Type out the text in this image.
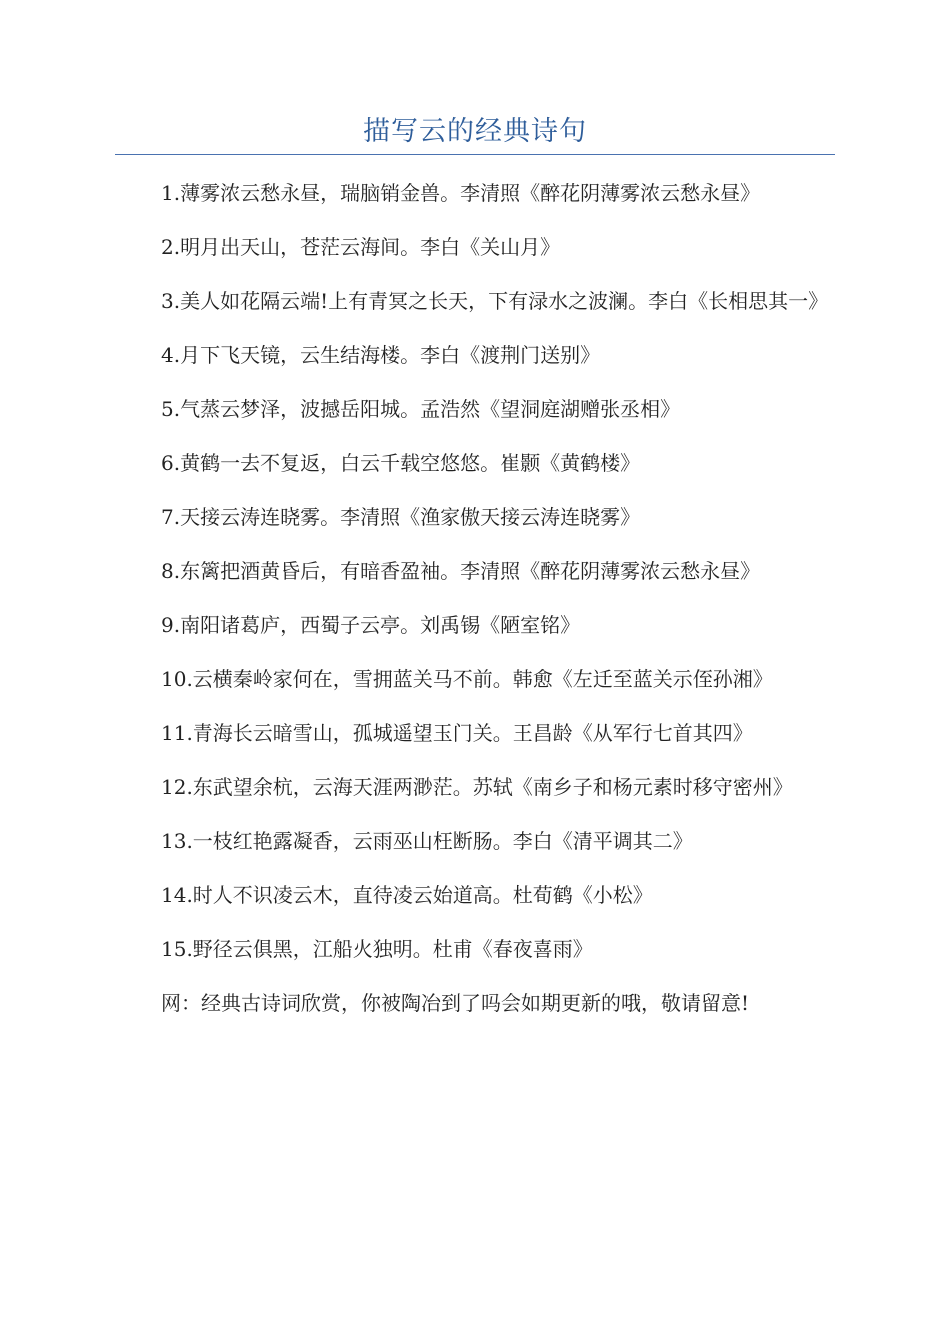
描写云的经典诗句

1.薄雾浓云愁永昼，瑞脑销金兽。李清照《醉花阴薄雾浓云愁永昼》

2.明月出天山，苍茫云海间。李白《关山月》

3.美人如花隔云端!上有青冥之长天，下有渌水之波澜。李白《长相思其一》

4.月下飞天镜，云生结海楼。李白《渡荆门送别》

5.气蒸云梦泽，波撼岳阳城。孟浩然《望洞庭湖赠张丞相》

6.黄鹤一去不复返，白云千载空悠悠。崔颢《黄鹤楼》

7.天接云涛连晓雾。李清照《渔家傲天接云涛连晓雾》

8.东篱把酒黄昏后，有暗香盈袖。李清照《醉花阴薄雾浓云愁永昼》

9.南阳诸葛庐，西蜀子云亭。刘禹锡《陋室铭》

10.云横秦岭家何在，雪拥蓝关马不前。韩愈《左迁至蓝关示侄孙湘》

11.青海长云暗雪山，孤城遥望玉门关。王昌龄《从军行七首其四》

12.东武望余杭，云海天涯两渺茫。苏轼《南乡子和杨元素时移守密州》

13.一枝红艳露凝香，云雨巫山枉断肠。李白《清平调其二》

14.时人不识凌云木，直待凌云始道高。杜荀鹤《小松》

15.野径云俱黑，江船火独明。杜甫《春夜喜雨》

网：经典古诗词欣赏，你被陶冶到了吗会如期更新的哦，敬请留意!
